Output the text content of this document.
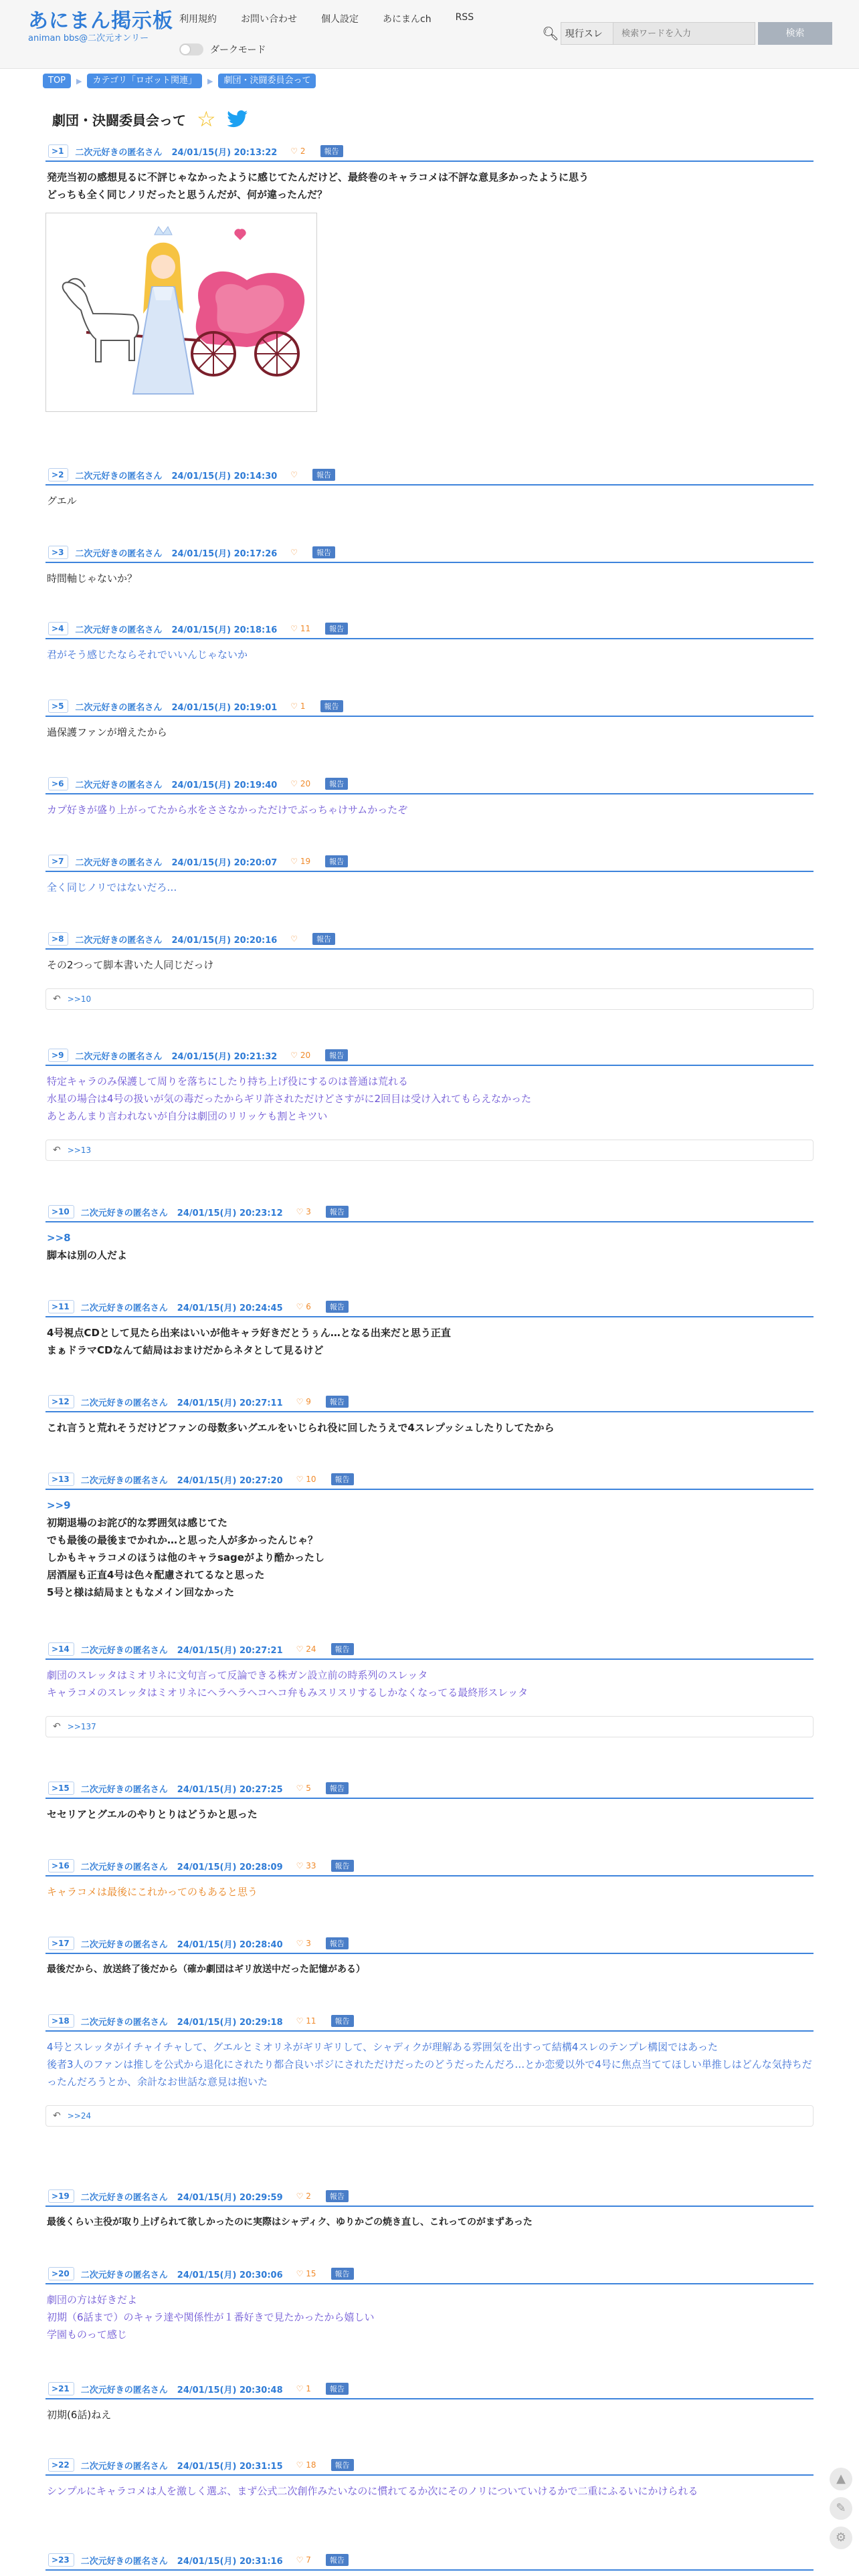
あにまん掲示板
animan bbs@二次元オンリー
利用規約	お問い合わせ	個人設定	あにまんch	RSS
ダークモード
🔍︎ 現行スレ
検索ワードを入力	検索
TOP	▶	カテゴリ「ロボット関連」	▶	劇団・決闘委員会って
劇団・決闘委員会って ☆
>1	二次元好きの匿名さん 24/01/15(月) 20:13:22 ♡ 2	報告
発売当初の感想見るに不評じゃなかったように感じてたんだけど、最終巻のキャラコメは不評な意見多かったように思う
どっちも全く同じノリだったと思うんだが、何が違ったんだ？
>2	二次元好きの匿名さん 24/01/15(月) 20:14:30 ♡	報告
グエル
>3	二次元好きの匿名さん 24/01/15(月) 20:17:26 ♡	報告
時間軸じゃないか？
>4	二次元好きの匿名さん 24/01/15(月) 20:18:16 ♡ 11	報告
君がそう感じたならそれでいいんじゃないか
>5	二次元好きの匿名さん 24/01/15(月) 20:19:01 ♡ 1	報告
過保護ファンが増えたから
>6	二次元好きの匿名さん 24/01/15(月) 20:19:40 ♡ 20	報告
カプ好きが盛り上がってたから水をささなかっただけでぶっちゃけサムかったぞ
>7	二次元好きの匿名さん 24/01/15(月) 20:20:07 ♡ 19	報告
全く同じノリではないだろ…
>8	二次元好きの匿名さん 24/01/15(月) 20:20:16 ♡	報告
その2つって脚本書いた人同じだっけ
↶ >>10
>9	二次元好きの匿名さん 24/01/15(月) 20:21:32 ♡ 20	報告
特定キャラのみ保護して周りを落ちにしたり持ち上げ役にするのは普通は荒れる
水星の場合は4号の扱いが気の毒だったからギリ許されただけどさすがに2回目は受け入れてもらえなかった
あとあんまり言われないが自分は劇団のリリッケも割とキツい
↶ >>13
>10	二次元好きの匿名さん 24/01/15(月) 20:23:12 ♡ 3	報告
>>8
脚本は別の人だよ
>11	二次元好きの匿名さん 24/01/15(月) 20:24:45 ♡ 6	報告
4号視点CDとして見たら出来はいいが他キャラ好きだとうぅん…となる出来だと思う正直
まぁドラマCDなんて結局はおまけだからネタとして見るけど
>12	二次元好きの匿名さん 24/01/15(月) 20:27:11 ♡ 9	報告
これ言うと荒れそうだけどファンの母数多いグエルをいじられ役に回したうえで4スレプッシュしたりしてたから
>13	二次元好きの匿名さん 24/01/15(月) 20:27:20 ♡ 10	報告
>>9
初期退場のお詫び的な雰囲気は感じてた
でも最後の最後までかれか…と思った人が多かったんじゃ？
しかもキャラコメのほうは他のキャラsageがより酷かったし
居酒屋も正直4号は色々配慮されてるなと思った
5号と様は結局まともなメイン回なかった
>14	二次元好きの匿名さん 24/01/15(月) 20:27:21 ♡ 24	報告
劇団のスレッタはミオリネに文句言って反論できる株ガン設立前の時系列のスレッタ
キャラコメのスレッタはミオリネにヘラヘラヘコヘコ弁もみスリスリするしかなくなってる最終形スレッタ
↶ >>137
>15	二次元好きの匿名さん 24/01/15(月) 20:27:25 ♡ 5	報告
セセリアとグエルのやりとりはどうかと思った
>16	二次元好きの匿名さん 24/01/15(月) 20:28:09 ♡ 33	報告
キャラコメは最後にこれかってのもあると思う
>17	二次元好きの匿名さん 24/01/15(月) 20:28:40 ♡ 3	報告
最後だから、放送終了後だから（確か劇団はギリ放送中だった記憶がある）
>18	二次元好きの匿名さん 24/01/15(月) 20:29:18 ♡ 11	報告
4号とスレッタがイチャイチャして、グエルとミオリネがギリギリして、シャディクが理解ある雰囲気を出すって結構4スレのテンプレ構図ではあった
後者3人のファンは推しを公式から退化にされたり都合良いポジにされただけだったのどうだったんだろ…とか恋愛以外で4号に焦点当ててほしい単推しはどんな気持ちだったんだろうとか、余計なお世話な意見は抱いた
↶ >>24
>19	二次元好きの匿名さん 24/01/15(月) 20:29:59 ♡ 2	報告
最後くらい主役が取り上げられて欲しかったのに実際はシャディク、ゆりかごの焼き直し、これってのがまずあった
>20	二次元好きの匿名さん 24/01/15(月) 20:30:06 ♡ 15	報告
劇団の方は好きだよ
初期（6話まで）のキャラ達や関係性が１番好きで見たかったから嬉しい
学園ものって感じ
>21	二次元好きの匿名さん 24/01/15(月) 20:30:48 ♡ 1	報告
初期(6話)ねえ
>22	二次元好きの匿名さん 24/01/15(月) 20:31:15 ♡ 18	報告
シンプルにキャラコメは人を激しく選ぶ、まず公式二次創作みたいなのに慣れてるか次にそのノリについていけるかで二重にふるいにかけられる
>23	二次元好きの匿名さん 24/01/15(月) 20:31:16 ♡ 7	報告
▲
✎
⚙
